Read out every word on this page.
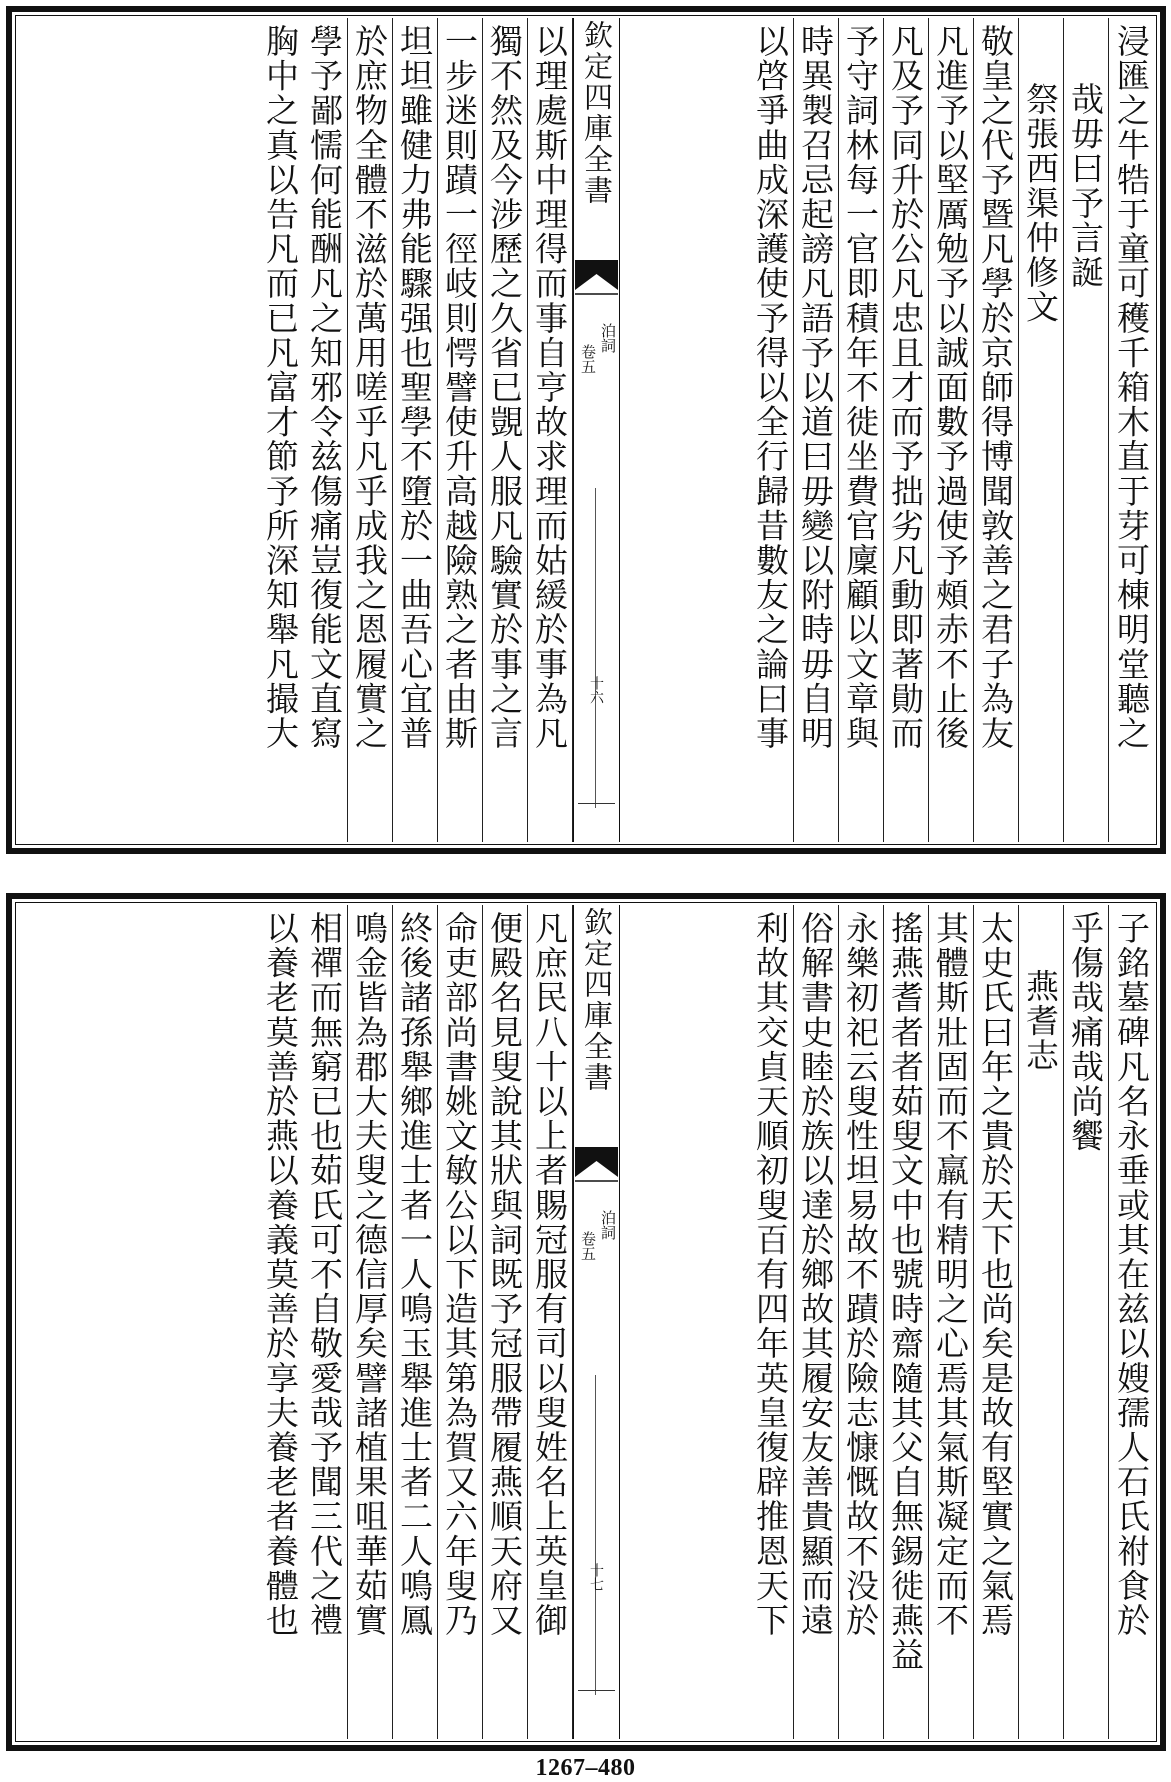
浸匯之牛牿于童可穫千箱木直于芽可棟明堂聽之
哉毋曰予言誕
祭張西渠仲修文
敬皇之代予暨凡學於京師得博聞敦善之君子為友
凡進予以堅厲勉予以誠面數予過使予頰赤不止後
凡及予同升於公凡忠且才而予拙劣凡動即著勛而
予守詞林每一官即積年不徙坐費官廩顧以文章與
時異製召忌起謗凡語予以道曰毋變以附時毋自明
以啓爭曲成深護使予得以全行歸昔數友之論曰事
欽定四庫全書
泊詞
卷五
十六
以理處斯中理得而事自亨故求理而姑緩於事為凡
獨不然及今涉歷之久省已覬人服凡驗實於事之言
一步迷則蹟一徑岐則愕譬使升高越險熟之者由斯
坦坦雖健力弗能驟强也聖學不墮於一曲吾心宜普
於庶物全體不滋於萬用嗟乎凡乎成我之恩履實之
學予鄙懦何能酬凡之知邪令兹傷痛豈復能文直寫
胸中之真以告凡而已凡富才節予所深知舉凡撮大
子銘墓碑凡名永垂或其在兹以嫂孺人石氏祔食於
乎傷哉痛哉尚饗
燕耆志
太史氏曰年之貴於天下也尚矣是故有堅實之氣焉
其體斯壯固而不羸有精明之心焉其氣斯凝定而不
搖燕耆者者茹叟文中也號時齋隨其父自無錫徙燕益
永樂初祀云叟性坦易故不蹟於險志慷慨故不没於
俗解書史睦於族以達於鄉故其履安友善貴顯而遠
利故其交貞天順初叟百有四年英皇復辟推恩天下
欽定四庫全書
泊詞
卷五
十七
凡庶民八十以上者賜冠服有司以叟姓名上英皇御
便殿名見叟說其狀與詞既予冠服帶履燕順天府又
命吏部尚書姚文敏公以下造其第為賀又六年叟乃
終後諸孫舉鄉進士者一人鳴玉舉進士者二人鳴鳳
鳴金皆為郡大夫叟之德信厚矣譬諸植果咀華茹實
相禪而無窮已也茹氏可不自敬愛哉予聞三代之禮
以養老莫善於燕以養義莫善於享夫養老者養體也
1267–480
